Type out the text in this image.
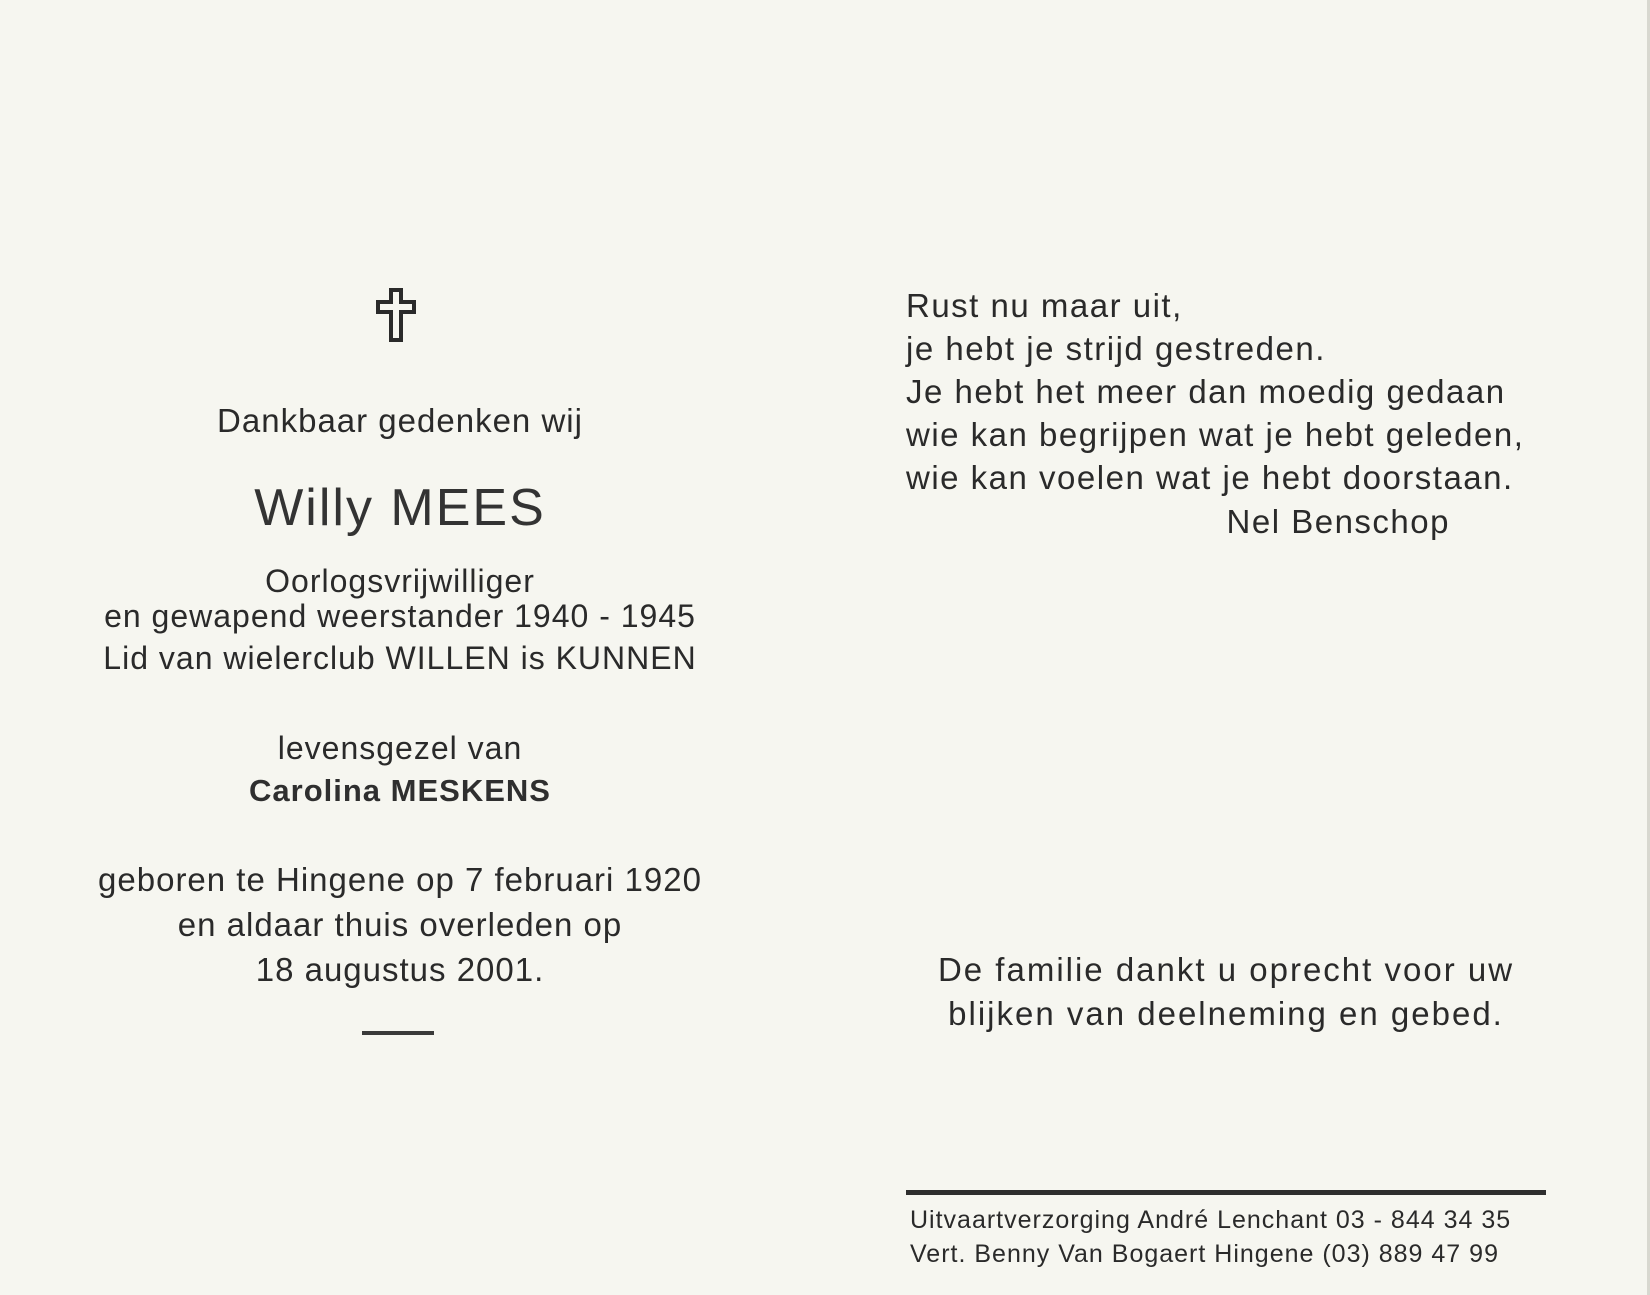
Dankbaar gedenken wij
Willy MEES
Oorlogsvrijwilliger
en gewapend weerstander 1940 - 1945
Lid van wielerclub WILLEN is KUNNEN
levensgezel van
Carolina MESKENS
geboren te Hingene op 7 februari 1920
en aldaar thuis overleden op
18 augustus 2001.
Rust nu maar uit,
je hebt je strijd gestreden.
Je hebt het meer dan moedig gedaan
wie kan begrijpen wat je hebt geleden,
wie kan voelen wat je hebt doorstaan.
Nel Benschop
De familie dankt u oprecht voor uw
blijken van deelneming en gebed.
Uitvaartverzorging André Lenchant 03 - 844 34 35
Vert. Benny Van Bogaert Hingene (03) 889 47 99
